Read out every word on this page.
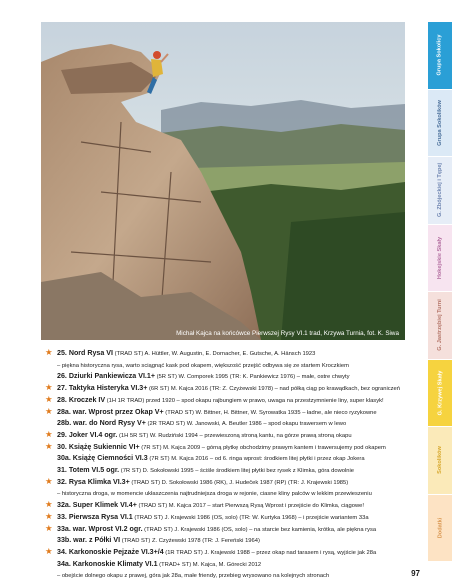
Michał Kajca na końcówce Pierwszej Rysy VI.1 trad, Krzywa Turnia, fot. K. Siwa
Grupa Sokolicy
Grupa Sokolików
G. Zbójeckiej i Tępej
Hokejskie Skały
G. Jastrzębiej Turni
G. Krzywej Skały
Sokolików
Dodatki
★ 25. Nord Rysa VI (TRAD ST) A. Hüttler, W. Augustin, E. Dornacher, E. Gutsche, A. Hänsch 1923
– piękna historyczna rysa, warto sciągnąć kask pod okapem, większość przejść odbywa się ze startem Kroczkiem
26. Dziurki Pankiewicza VI.1+ (5R ST) W. Comporek 1995 (TR: K. Pankiewicz 1976) – małe, ostre chwyty
★ 27. Taktyka Histeryka VI.3+ (6R ST) M. Kajca 2016 (TR: Z. Czyżewski 1978) – nad półką ciąg po krawądkach, bez ograniczeń
★ 28. Kroczek IV (1H 1R TRAD) przed 1920 – spod okapu rajbungiem w prawo, uwaga na przestzymnienie liny, super klasyk!
★ 28a. war. Wprost przez Okap V+ (TRAD ST) W. Bittner, H. Bittner, W. Syrowatka 1935 – ładne, ale nieco ryzykowne
28b. war. do Nord Rysy V+ (2R TRAD ST) W. Janowski, A. Beutler 1986 – spod okapu trawersem w lewo
★ 29. Joker VI.4 ogr. (1H 5R ST) W. Rudziński 1994 – przewieszoną stroną kantu, na górze prawą stroną okapu
★ 30. Książę Sukiennic VI+ (7R ST) M. Kajca 2009 – górną płytkę obchodzimy prawym kantem i trawersujemy pod okapem
30a. Książę Ciemności VI.3 (7R ST) M. Kajca 2016 – od 6. ringa wprost: środkiem litej płytki i przez okap Jokera
31. Totem VI.5 ogr. (7R ST) D. Sokołowski 1995 – ściśle środkiem litej płytki bez rysek z Klimka, góra dowolnie
★ 32. Rysa Klimka VI.3+ (TRAD ST) D. Sokołowski 1986 (RK), J. Hudeček 1987 (RP) (TR: J. Krajewski 1985)
– historyczna droga, w momencie ukłaszczenia najtrudniejsza droga w rejonie, ciasne kliny palców w lekkim przewieszeniu
★ 32a. Super Klimek VI.4+ (TRAD ST) M. Kajca 2017 – start Pierwszą Rysą Wprost i przejście do Klimka, ciągowe!
★ 33. Pierwsza Rysa VI.1 (TRAD ST) J. Krajewski 1986 (OS, solo) (TR: W. Kurtyka 1968) – i przejście wariantem 33a
★ 33a. war. Wprost VI.2 ogr. (TRAD ST) J. Krajewski 1986 (OS, solo) – na starcie bez kamienia, krótka, ale piękna rysa
33b. war. z Półki VI (TRAD ST) Z. Czyżewski 1978 (TR: J. Fereński 1964)
★ 34. Karkonoskie Pejzaże VI.3+/4 (1R TRAD ST) J. Krajewski 1988 – przez okap nad tarasem i rysą, wyjście jak 28a
34a. Karkonoskie Klimaty VI.1 (TRAD+ ST) M. Kajca, M. Górecki 2012
– obejście dolnego okapu z prawej, góra jak 28a, małe friendy, przebieg wrysowano na kolejnych stronach	97
